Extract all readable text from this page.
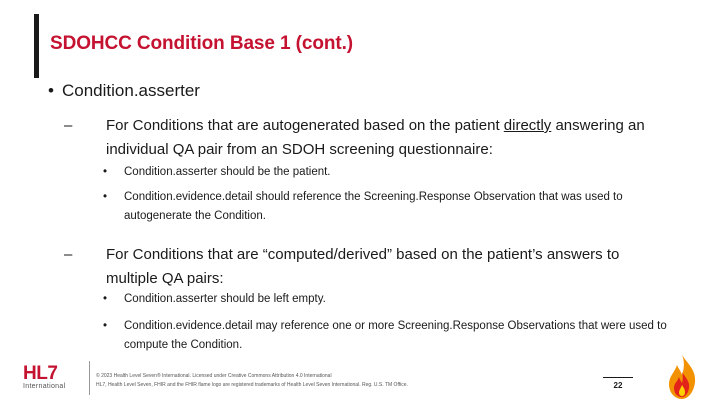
SDOHCC Condition Base 1 (cont.)
• Condition.asserter
– For Conditions that are autogenerated based on the patient directly answering an individual QA pair from an SDOH screening questionnaire:
• Condition.asserter should be the patient.
• Condition.evidence.detail should reference the Screening.Response Observation that was used to
autogenerate the Condition.
– For Conditions that are “computed/derived” based on the patient’s answers to
multiple QA pairs:
• Condition.asserter should be left empty.
• Condition.evidence.detail may reference one or more Screening.Response Observations that were used to
compute the Condition.
HL7
International
© 2023 Health Level Seven® International. Licensed under Creative Commons Attribution 4.0 International
HL7, Health Level Seven, FHIR and the FHIR flame logo are registered trademarks of Health Level Seven International. Reg. U.S. TM Office.	22
